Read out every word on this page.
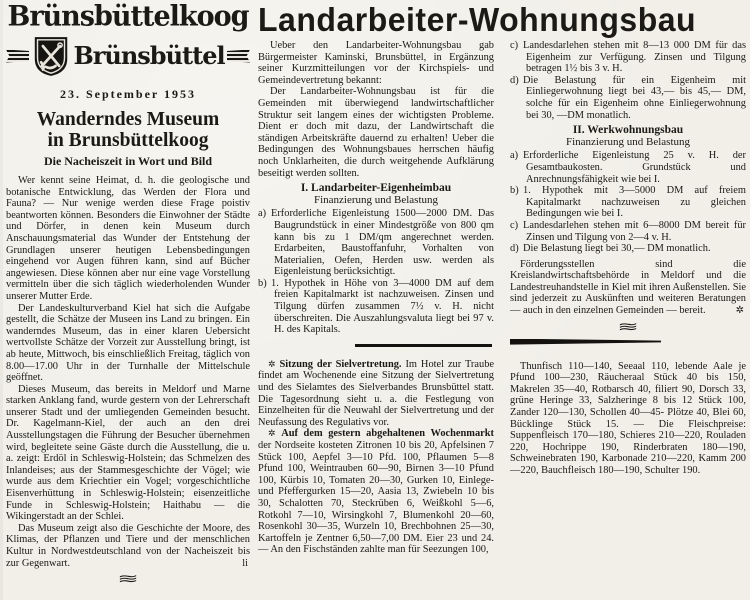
Brünsbüttelkoog
Brünsbüttel
23. September 1953
Wanderndes Museum
in Brunsbüttelkoog
Die Nacheiszeit in Wort und Bild

Wer kennt seine Heimat, d. h. die geologische und botanische Entwicklung, das Werden der Flora und Fauna? — Nur wenige werden diese Frage poistiv beantworten können. Besonders die Einwohner der Städte und Dörfer, in denen kein Museum durch Anschauungsmaterial das Wunder der Entstehung der Grundlagen unserer heutigen Lebensbedingungen eingehend vor Augen führen kann, sind auf Bücher angewiesen. Diese können aber nur eine vage Vorstellung vermitteln über die sich täglich wiederholenden Wunder unserer Mutter Erde.

Der Landeskulturverband Kiel hat sich die Aufgabe gestellt, die Schätze der Museen ins Land zu bringen. Ein wanderndes Museum, das in einer klaren Uebersicht wertvollste Schätze der Vorzeit zur Ausstellung bringt, ist ab heute, Mittwoch, bis einschließlich Freitag, täglich von 8.00—17.00 Uhr in der Turnhalle der Mittelschule geöffnet.

Dieses Museum, das bereits in Meldorf und Marne starken Anklang fand, wurde gestern von der Lehrerschaft unserer Stadt und der umliegenden Gemeinden besucht. Dr. Kagelmann-Kiel, der auch an den drei Ausstellungstagen die Führung der Besucher übernehmen wird, begleitete seine Gäste durch die Ausstellung, die u. a. zeigt: Erdöl in Schleswig-Holstein; das Schmelzen des Inlandeises; aus der Stammesgeschichte der Vögel; wie wurde aus dem Kriechtier ein Vogel; vorgeschichtliche Eisenverhüttung in Schleswig-Holstein; eisenzeitliche Funde in Schleswig-Holstein; Haithabu — die Wikingerstadt an der Schlei.

Das Museum zeigt also die Geschichte der Moore, des Klimas, der Pflanzen und Tiere und der menschlichen Kultur in Nordwestdeutschland von der Nacheiszeit bis zur Gegenwart.	li

≋
Landarbeiter-Wohnungsbau

Ueber den Landarbeiter-Wohnungsbau gab Bürgermeister Kaminski, Brunsbüttel, in Ergänzung seiner Kurzmitteilungen vor der Kirchspiels- und Gemeindevertretung bekannt:

Der Landarbeiter-Wohnungsbau ist für die Gemeinden mit überwiegend landwirtschaftlicher Struktur seit langem eines der wichtigsten Probleme. Dient er doch mit dazu, der Landwirtschaft die ständigen Arbeitskräfte dauernd zu erhalten! Ueber die Bedingungen des Wohnungsbaues herrschen häufig noch Unklarheiten, die durch weitgehende Aufklärung beseitigt werden sollten.

I. Landarbeiter-Eigenheimbau
Finanzierung und Belastung
a) Erforderliche Eigenleistung 1500—2000 DM. Das Baugrundstück in einer Mindestgröße von 800 qm kann bis zu 1 DM/qm angerechnet werden. Erdarbeiten, Baustoffanfuhr, Vorhalten von Materialien, Oefen, Herden usw. werden als Eigenleistung berücksichtigt.
b) 1. Hypothek in Höhe von 3—4000 DM auf dem freien Kapitalmarkt ist nachzuweisen. Zinsen und Tilgung dürfen zusammen 7½ v. H. nicht überschreiten. Die Auszahlungsvaluta liegt bei 97 v. H. des Kapitals.

✲ Sitzung der Sielvertretung. Im Hotel zur Traube findet am Wochenende eine Sitzung der Sielvertretung und des Sielamtes des Sielverbandes Brunsbüttel statt. Die Tagesordnung sieht u. a. die Festlegung von Einzelheiten für die Neuwahl der Sielvertretung und der Neufassung des Regulativs vor.

✲ Auf dem gestern abgehaltenen Wochenmarkt der Nordseite kosteten Zitronen 10 bis 20, Apfelsinen 7 Stück 100, Aepfel 3—10 Pfd. 100, Pflaumen 5—8 Pfund 100, Weintrauben 60—90, Birnen 3—10 Pfund 100, Kürbis 10, Tomaten 20—30, Gurken 10, Einlege- und Pfeffergurken 15—20, Aasia 13, Zwiebeln 10 bis 30, Schalotten 70, Steckrüben 6, Weißkohl 5—6, Rotkohl 7—10, Wirsingkohl 7, Blumenkohl 20—60, Rosenkohl 30—35, Wurzeln 10, Brechbohnen 25—30, Kartoffeln je Zentner 6,50—7,00 DM. Eier 23 und 24. — An den Fischständen zahlte man für Seezungen 100,

c) Landesdarlehen stehen mit 8—13 000 DM für das Eigenheim zur Verfügung. Zinsen und Tilgung betragen 1½ bis 3 v. H.
d) Die Belastung für ein Eigenheim mit Einliegerwohnung liegt bei 43,— bis 45,— DM, solche für ein Eigenheim ohne Einliegerwohnung bei 30, —DM monatlich.
II. Werkwohnungsbau
Finanzierung und Belastung
a) Erforderliche Eigenleistung 25 v. H. der Gesamtbaukosten. Grundstück und Anrechnungsfähigkeit wie bei I.
b) 1. Hypothek mit 3—5000 DM auf freiem Kapitalmarkt nachzuweisen zu gleichen Bedingungen wie bei I.
c) Landesdarlehen stehen mit 6—8000 DM bereit für Zinsen und Tilgung von 2—4 v. H.
d) Die Belastung liegt bei 30,— DM monatlich.

Förderungsstellen sind die Kreislandwirtschaftsbehörde in Meldorf und die Landestreuhandstelle in Kiel mit ihren Außenstellen. Sie sind jederzeit zu Auskünften und weiteren Beratungen — auch in den einzelnen Gemeinden — bereit.	✲

≋

Thunfisch 110—140, Seeaal 110, lebende Aale je Pfund 100—230, Räucheraal Stück 40 bis 150, Makrelen 35—40, Rotbarsch 40, filiert 90, Dorsch 33, grüne Heringe 33, Salzheringe 8 bis 12 Stück 100, Zander 120—130, Schollen 40—45- Plötze 40, Blei 60, Bücklinge Stück 15. — Die Fleischpreise: Suppenfleisch 170—180, Schieres 210—220, Rouladen 220, Hochrippe 190, Rinderbraten 180—190, Schweinebraten 190, Karbonade 210—220, Kamm 200—220, Bauchfleisch 180—190, Schulter 190.
